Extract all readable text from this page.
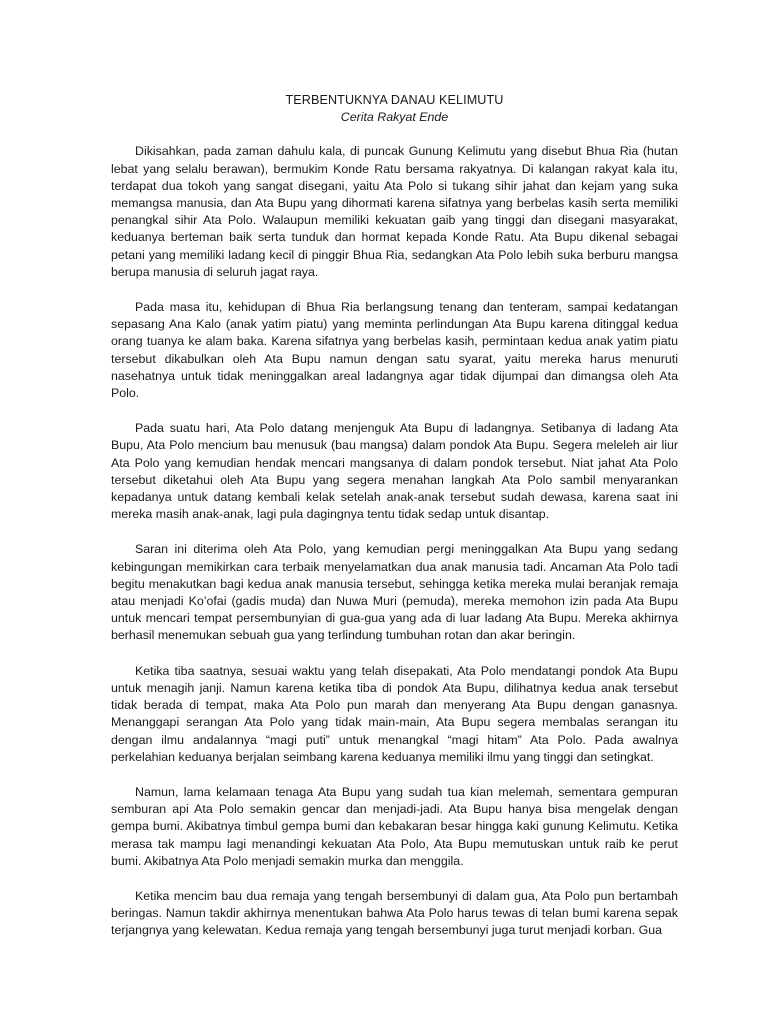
TERBENTUKNYA DANAU KELIMUTU

Cerita Rakyat Ende

Dikisahkan, pada zaman dahulu kala, di puncak Gunung Kelimutu yang disebut Bhua Ria (hutan lebat yang selalu berawan), bermukim Konde Ratu bersama rakyatnya. Di kalangan rakyat kala itu, terdapat dua tokoh yang sangat disegani, yaitu Ata Polo si tukang sihir jahat dan kejam yang suka memangsa manusia, dan Ata Bupu yang dihormati karena sifatnya yang berbelas kasih serta memiliki penangkal sihir Ata Polo. Walaupun memiliki kekuatan gaib yang tinggi dan disegani masyarakat, keduanya berteman baik serta tunduk dan hormat kepada Konde Ratu. Ata Bupu dikenal sebagai petani yang memiliki ladang kecil di pinggir Bhua Ria, sedangkan Ata Polo lebih suka berburu mangsa berupa manusia di seluruh jagat raya.

Pada masa itu, kehidupan di Bhua Ria berlangsung tenang dan tenteram, sampai kedatangan sepasang Ana Kalo (anak yatim piatu) yang meminta perlindungan Ata Bupu karena ditinggal kedua orang tuanya ke alam baka. Karena sifatnya yang berbelas kasih, permintaan kedua anak yatim piatu tersebut dikabulkan oleh Ata Bupu namun dengan satu syarat, yaitu mereka harus menuruti nasehatnya untuk tidak meninggalkan areal ladangnya agar tidak dijumpai dan dimangsa oleh Ata Polo.

Pada suatu hari, Ata Polo datang menjenguk Ata Bupu di ladangnya. Setibanya di ladang Ata Bupu, Ata Polo mencium bau menusuk (bau mangsa) dalam pondok Ata Bupu. Segera meleleh air liur Ata Polo yang kemudian hendak mencari mangsanya di dalam pondok tersebut. Niat jahat Ata Polo tersebut diketahui oleh Ata Bupu yang segera menahan langkah Ata Polo sambil menyarankan kepadanya untuk datang kembali kelak setelah anak-anak tersebut sudah dewasa, karena saat ini mereka masih anak-anak, lagi pula dagingnya tentu tidak sedap untuk disantap.

Saran ini diterima oleh Ata Polo, yang kemudian pergi meninggalkan Ata Bupu yang sedang kebingungan memikirkan cara terbaik menyelamatkan dua anak manusia tadi. Ancaman Ata Polo tadi begitu menakutkan bagi kedua anak manusia tersebut, sehingga ketika mereka mulai beranjak remaja atau menjadi Ko’ofai (gadis muda) dan Nuwa Muri (pemuda), mereka memohon izin pada Ata Bupu untuk mencari tempat persembunyian di gua-gua yang ada di luar ladang Ata Bupu. Mereka akhirnya berhasil menemukan sebuah gua yang terlindung tumbuhan rotan dan akar beringin.

Ketika tiba saatnya, sesuai waktu yang telah disepakati, Ata Polo mendatangi pondok Ata Bupu untuk menagih janji. Namun karena ketika tiba di pondok Ata Bupu, dilihatnya kedua anak tersebut tidak berada di tempat, maka Ata Polo pun marah dan menyerang Ata Bupu dengan ganasnya. Menanggapi serangan Ata Polo yang tidak main-main, Ata Bupu segera membalas serangan itu dengan ilmu andalannya “magi puti” untuk menangkal “magi hitam” Ata Polo. Pada awalnya perkelahian keduanya berjalan seimbang karena keduanya memiliki ilmu yang tinggi dan setingkat.

Namun, lama kelamaan tenaga Ata Bupu yang sudah tua kian melemah, sementara gempuran semburan api Ata Polo semakin gencar dan menjadi-jadi. Ata Bupu hanya bisa mengelak dengan gempa bumi. Akibatnya timbul gempa bumi dan kebakaran besar hingga kaki gunung Kelimutu. Ketika merasa tak mampu lagi menandingi kekuatan Ata Polo, Ata Bupu memutuskan untuk raib ke perut bumi. Akibatnya Ata Polo menjadi semakin murka dan menggila.

Ketika mencim bau dua remaja yang tengah bersembunyi di dalam gua, Ata Polo pun bertambah beringas. Namun takdir akhirnya menentukan bahwa Ata Polo harus tewas di telan bumi karena sepak terjangnya yang kelewatan. Kedua remaja yang tengah bersembunyi juga turut menjadi korban. Gua
